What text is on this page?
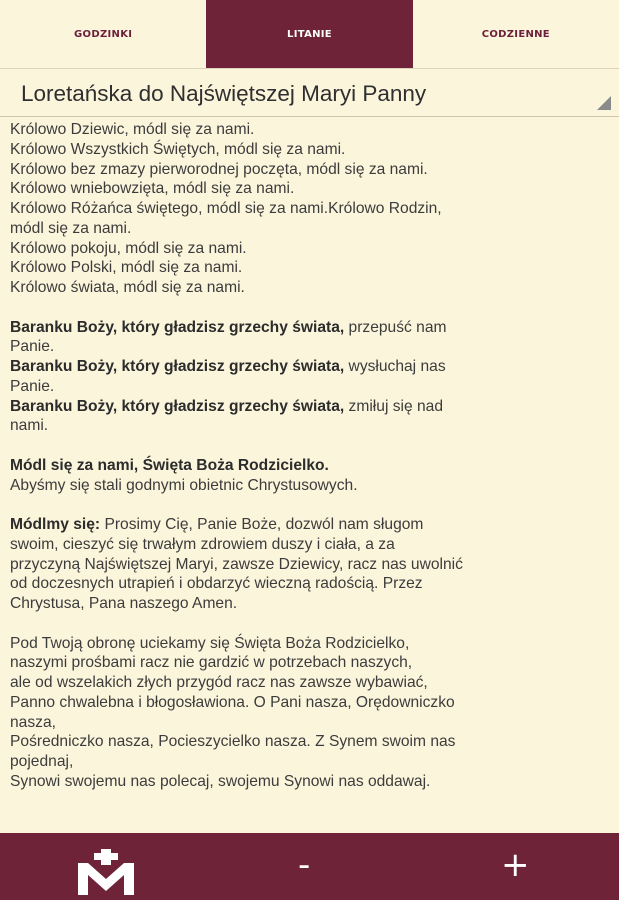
GODZINKI	LITANIE	CODZIENNE
Loretańska do Najświętszej Maryi Panny
Królowo Dziewic, módl się za nami.
Królowo Wszystkich Świętych, módl się za nami.
Królowo bez zmazy pierworodnej poczęta, módl się za nami.
Królowo wniebowzięta, módl się za nami.
Królowo Różańca świętego, módl się za nami.Królowo Rodzin,
módl się za nami.
Królowo pokoju, módl się za nami.
Królowo Polski, módl się za nami.
Królowo świata, módl się za nami.
Baranku Boży, który gładzisz grzechy świata, przepuść nam
Panie.
Baranku Boży, który gładzisz grzechy świata, wysłuchaj nas
Panie.
Baranku Boży, który gładzisz grzechy świata, zmiłuj się nad
nami.
Módl się za nami, Święta Boża Rodzicielko.
Abyśmy się stali godnymi obietnic Chrystusowych.
Módlmy się: Prosimy Cię, Panie Boże, dozwól nam sługom
swoim, cieszyć się trwałym zdrowiem duszy i ciała, a za
przyczyną Najświętszej Maryi, zawsze Dziewicy, racz nas uwolnić
od doczesnych utrapień i obdarzyć wieczną radością. Przez
Chrystusa, Pana naszego Amen.
Pod Twoją obronę uciekamy się Święta Boża Rodzicielko,
naszymi prośbami racz nie gardzić w potrzebach naszych,
ale od wszelakich złych przygód racz nas zawsze wybawiać,
Panno chwalebna i błogosławiona. O Pani nasza, Orędowniczko
nasza,
Pośredniczko nasza, Pocieszycielko nasza. Z Synem swoim nas
pojednaj,
Synowi swojemu nas polecaj, swojemu Synowi nas oddawaj.
-	+
